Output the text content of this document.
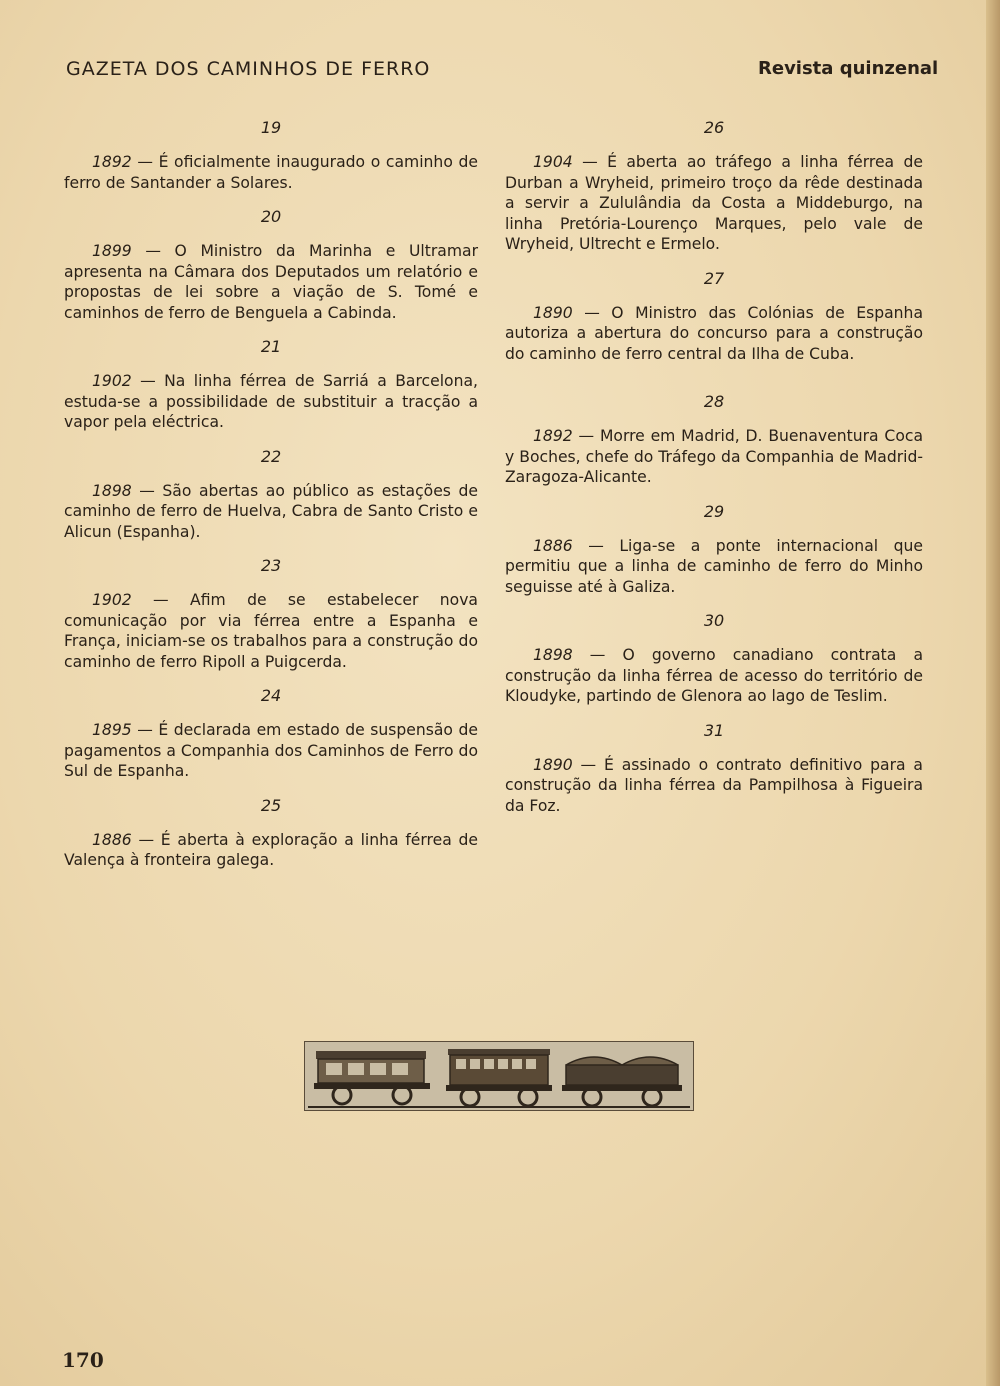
GAZETA DOS CAMINHOS DE FERRO	Revista quinzenal
19

1892 — É oficialmente inaugurado o caminho de ferro de Santander a Solares.

20

1899 — O Ministro da Marinha e Ultramar apresenta na Câmara dos Deputados um relatório e propostas de lei sobre a viação de S. Tomé e caminhos de ferro de Benguela a Cabinda.

21

1902 — Na linha férrea de Sarriá a Barcelona, estuda-se a possibilidade de substituir a tracção a vapor pela eléctrica.

22

1898 — São abertas ao público as estações de caminho de ferro de Huelva, Cabra de Santo Cristo e Alicun (Espanha).

23

1902 — Afim de se estabelecer nova comunicação por via férrea entre a Espanha e França, iniciam-se os trabalhos para a construção do caminho de ferro Ripoll a Puigcerda.

24

1895 — É declarada em estado de suspensão de pagamentos a Companhia dos Caminhos de Ferro do Sul de Espanha.

25

1886 — É aberta à exploração a linha férrea de Valença à fronteira galega.

26

1904 — É aberta ao tráfego a linha férrea de Durban a Wryheid, primeiro troço da rêde destinada a servir a Zululândia da Costa a Middeburgo, na linha Pretória-Lourenço Marques, pelo vale de Wryheid, Ultrecht e Ermelo.

27

1890 — O Ministro das Colónias de Espanha autoriza a abertura do concurso para a construção do caminho de ferro central da Ilha de Cuba.

28

1892 — Morre em Madrid, D. Buenaventura Coca y Boches, chefe do Tráfego da Companhia de Madrid-Zaragoza-Alicante.

29

1886 — Liga-se a ponte internacional que permitiu que a linha de caminho de ferro do Minho seguisse até à Galiza.

30

1898 — O governo canadiano contrata a construção da linha férrea de acesso do território de Kloudyke, partindo de Glenora ao lago de Teslim.

31

1890 — É assinado o contrato definitivo para a construção da linha férrea da Pampilhosa à Figueira da Foz.

170
